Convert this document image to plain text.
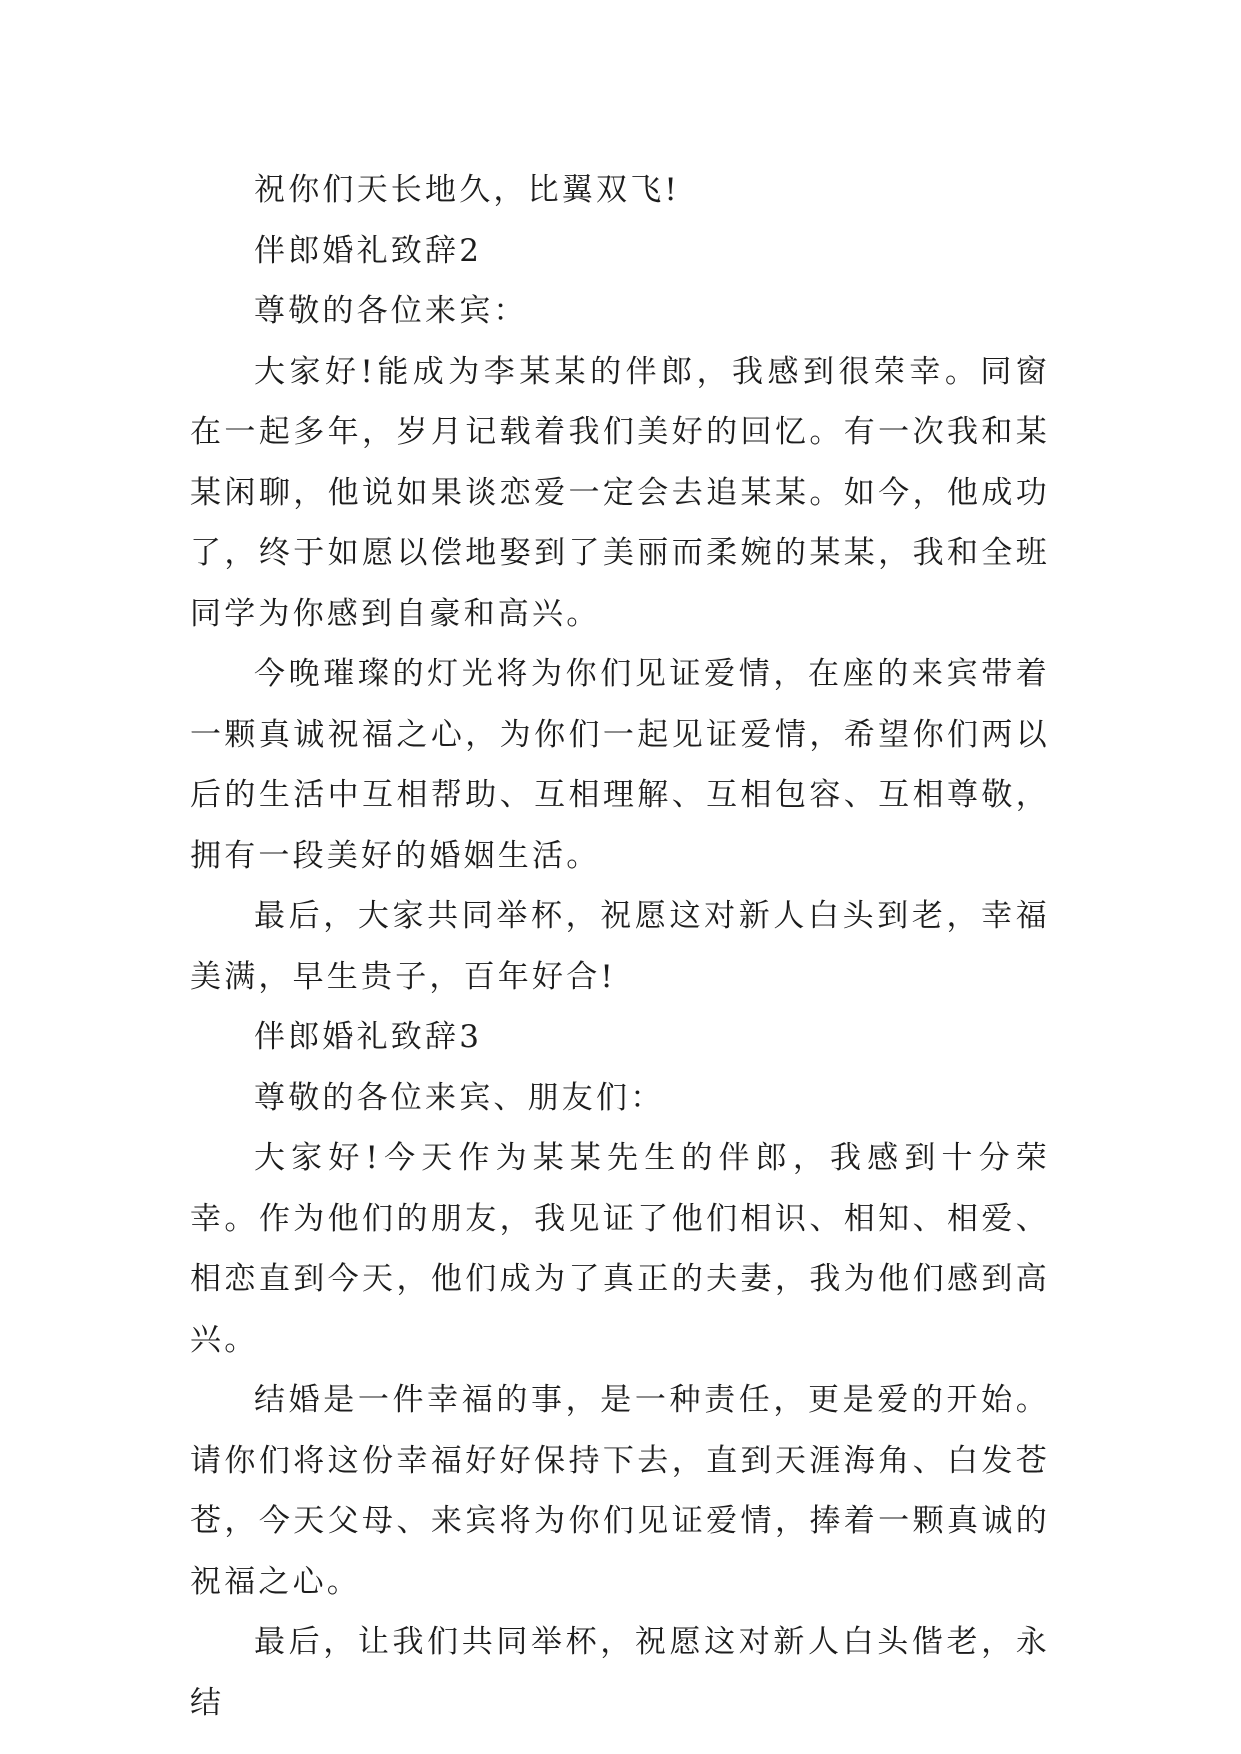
祝你们天长地久，比翼双飞!

伴郎婚礼致辞2

尊敬的各位来宾：

大家好!能成为李某某的伴郎，我感到很荣幸。同窗在一起多年，岁月记载着我们美好的回忆。有一次我和某某闲聊，他说如果谈恋爱一定会去追某某。如今，他成功了，终于如愿以偿地娶到了美丽而柔婉的某某，我和全班同学为你感到自豪和高兴。

今晚璀璨的灯光将为你们见证爱情，在座的来宾带着一颗真诚祝福之心，为你们一起见证爱情，希望你们两以后的生活中互相帮助、互相理解、互相包容、互相尊敬，拥有一段美好的婚姻生活。

最后，大家共同举杯，祝愿这对新人白头到老，幸福美满，早生贵子，百年好合!

伴郎婚礼致辞3

尊敬的各位来宾、朋友们：

大家好!今天作为某某先生的伴郎，我感到十分荣幸。作为他们的朋友，我见证了他们相识、相知、相爱、相恋直到今天，他们成为了真正的夫妻，我为他们感到高兴。

结婚是一件幸福的事，是一种责任，更是爱的开始。请你们将这份幸福好好保持下去，直到天涯海角、白发苍苍，今天父母、来宾将为你们见证爱情，捧着一颗真诚的祝福之心。

最后，让我们共同举杯，祝愿这对新人白头偕老，永结
